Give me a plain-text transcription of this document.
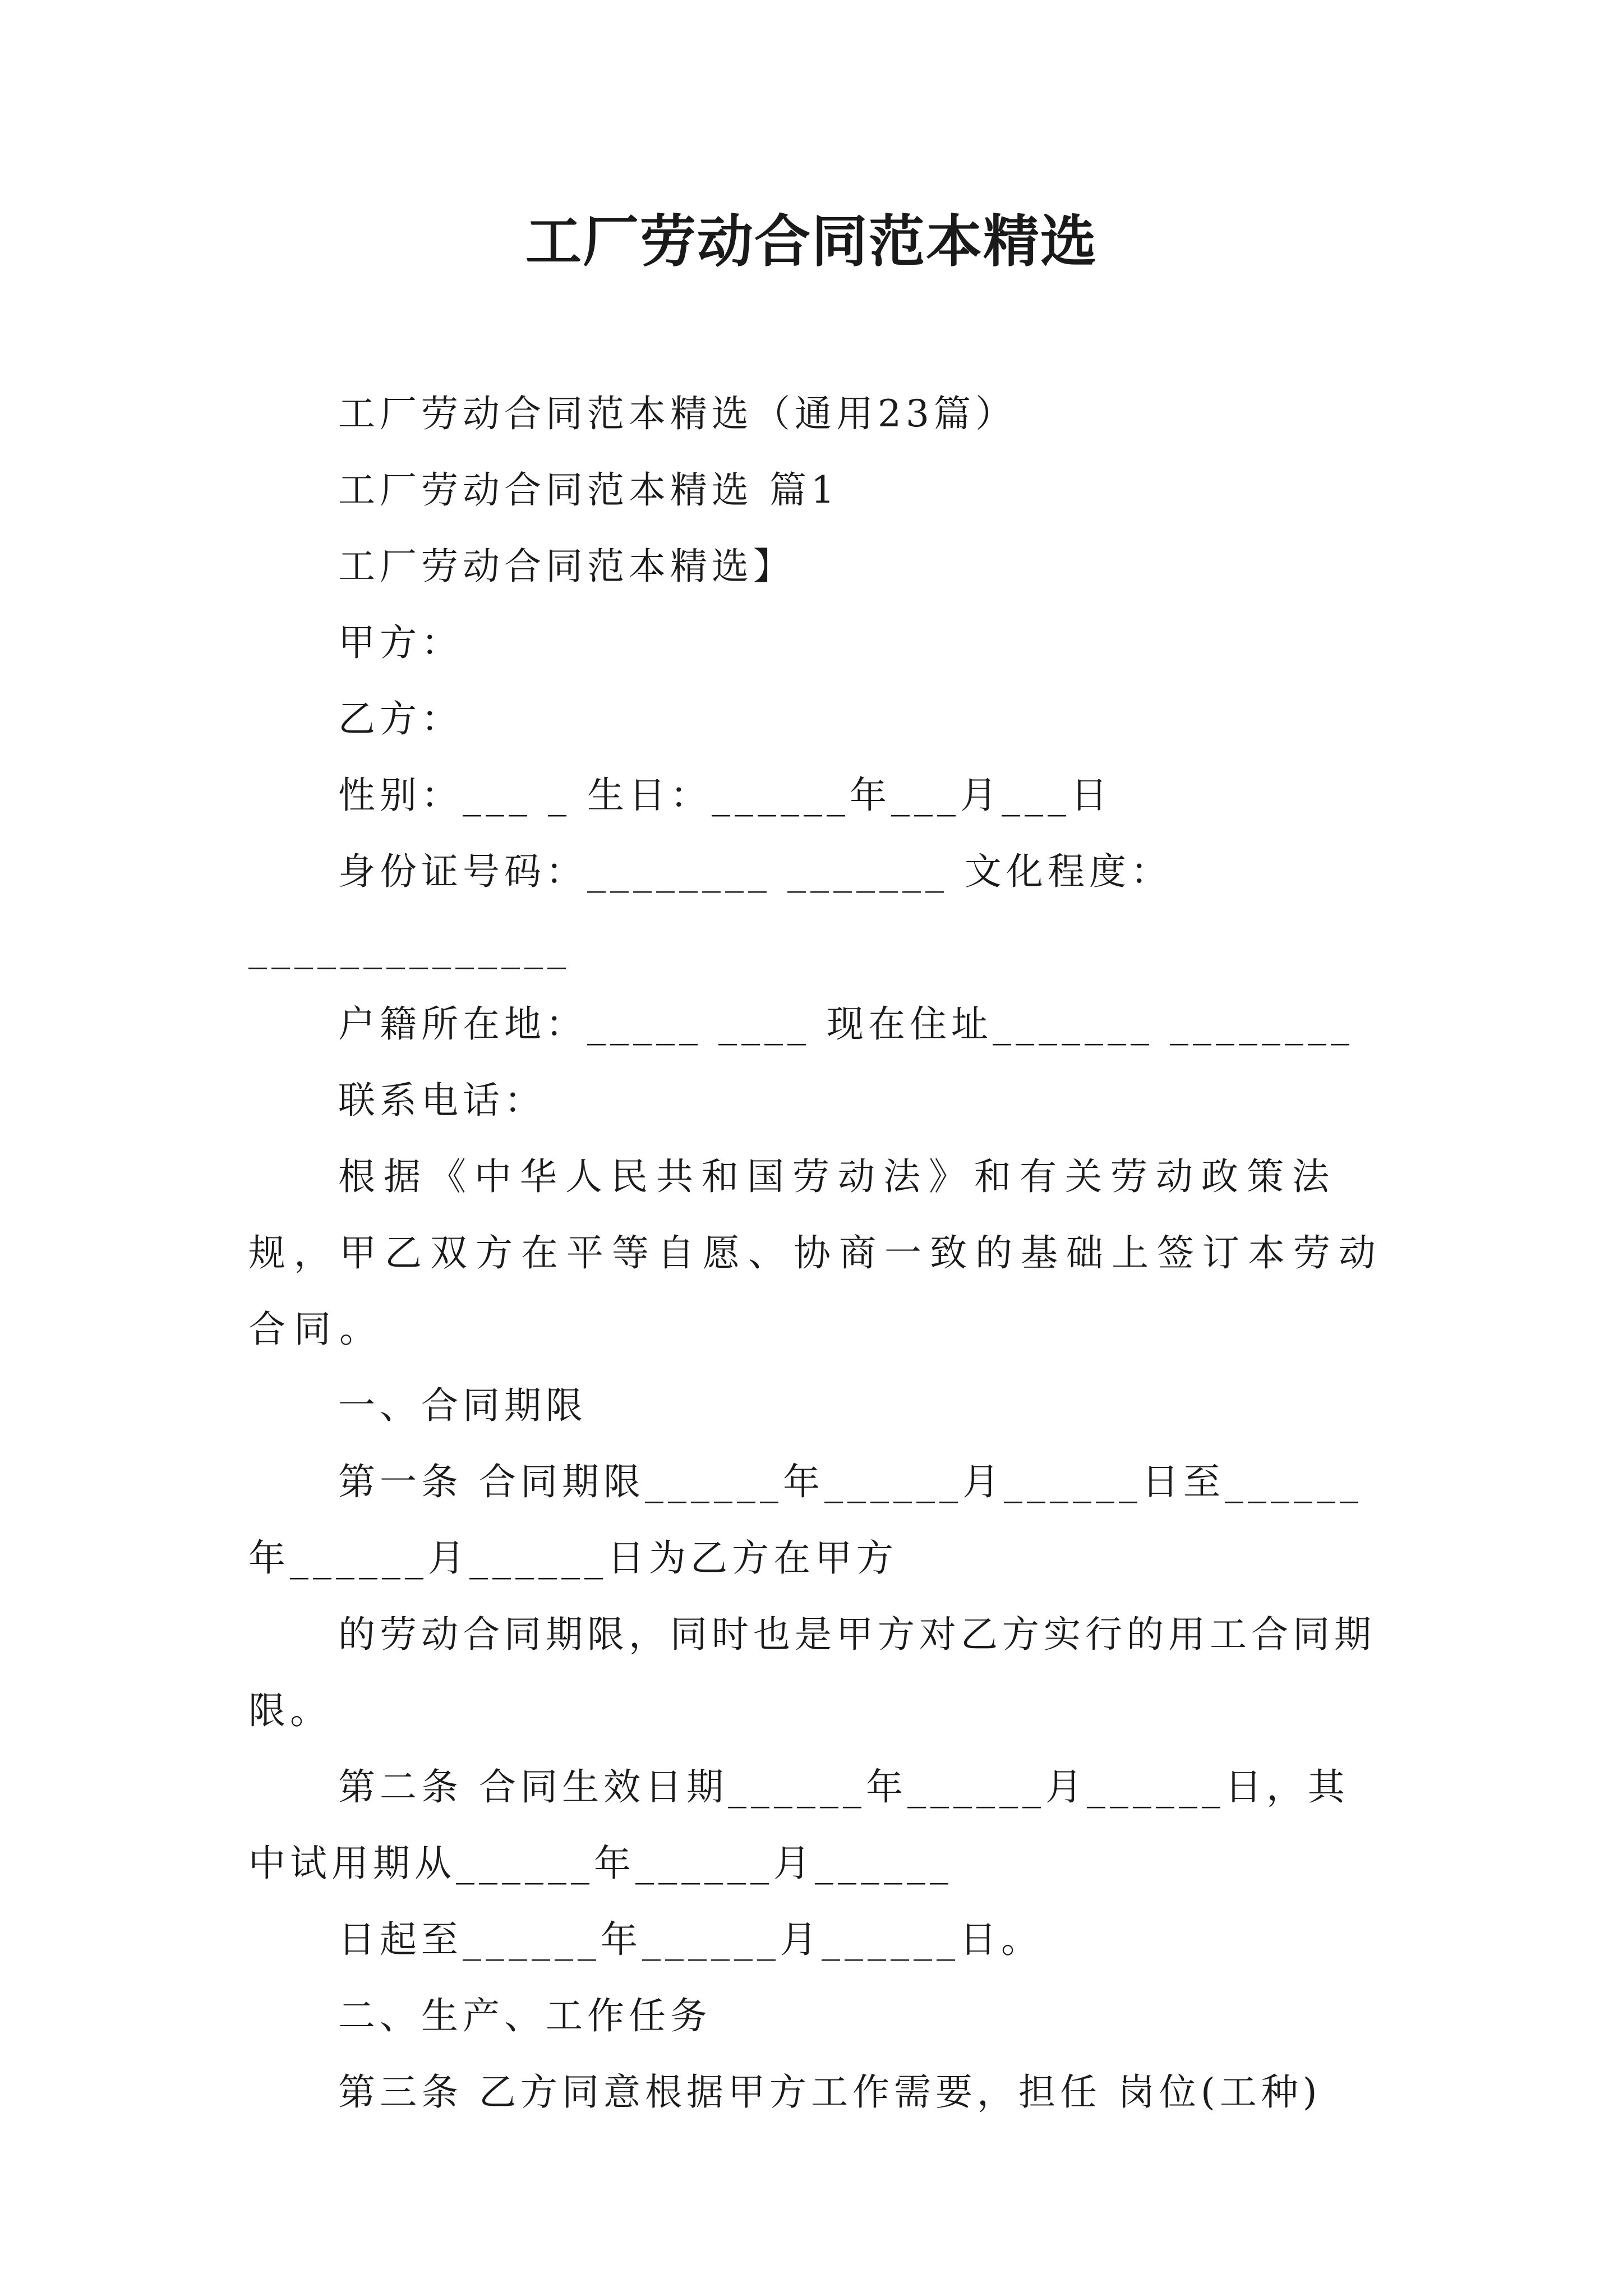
工厂劳动合同范本精选
工厂劳动合同范本精选（通用23篇）
工厂劳动合同范本精选 篇1
工厂劳动合同范本精选】
甲方：
乙方：
性别：___ _ 生日：______年___月___日
身份证号码：________ _______ 文化程度：______________
户籍所在地：_____ ____ 现在住址_______ ________
联系电话：
根据《中华人民共和国劳动法》和有关劳动政策法规，甲乙双方在平等自愿、协商一致的基础上签订本劳动合同。
一、合同期限
第一条 合同期限______年______月______日至______年______月______日为乙方在甲方
的劳动合同期限，同时也是甲方对乙方实行的用工合同期限。
第二条 合同生效日期______年______月______日，其中试用期从______年______月______
日起至______年______月______日。
二、生产、工作任务
第三条 乙方同意根据甲方工作需要，担任 岗位(工种)
